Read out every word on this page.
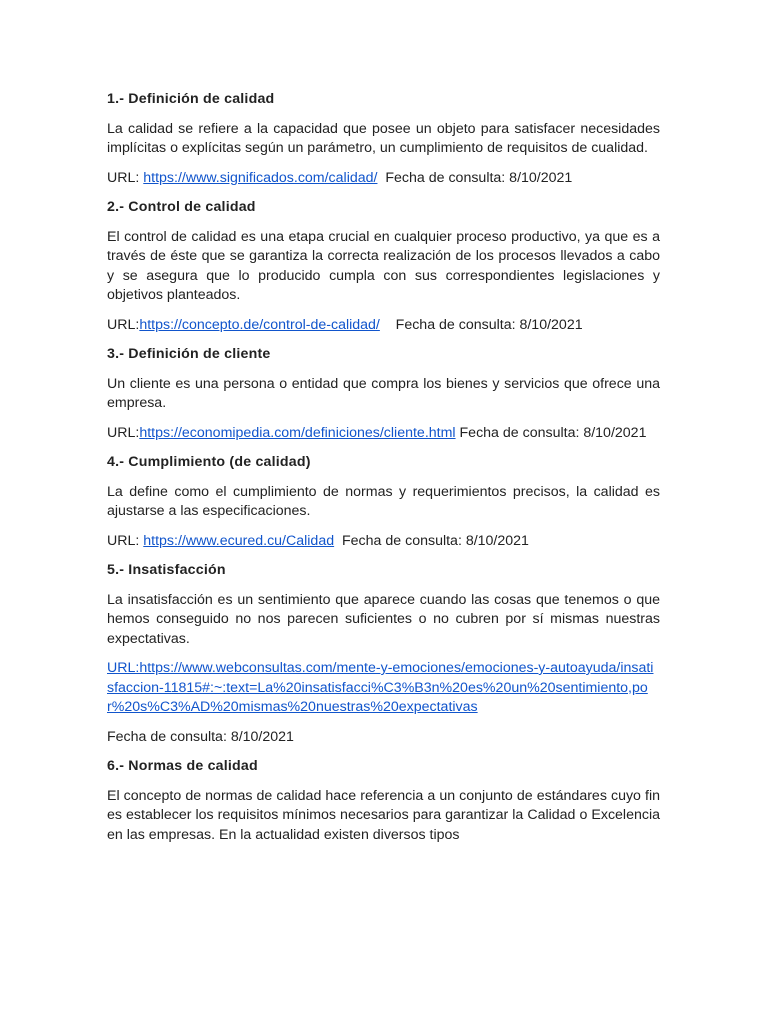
1.- Definición de calidad

La calidad se refiere a la capacidad que posee un objeto para satisfacer necesidades implícitas o explícitas según un parámetro, un cumplimiento de requisitos de cualidad.

URL: https://www.significados.com/calidad/ Fecha de consulta: 8/10/2021

2.- Control de calidad

El control de calidad es una etapa crucial en cualquier proceso productivo, ya que es a través de éste que se garantiza la correcta realización de los procesos llevados a cabo y se asegura que lo producido cumpla con sus correspondientes legislaciones y objetivos planteados.

URL:https://concepto.de/control-de-calidad/ Fecha de consulta: 8/10/2021

3.- Definición de cliente

Un cliente es una persona o entidad que compra los bienes y servicios que ofrece una empresa.

URL:https://economipedia.com/definiciones/cliente.html Fecha de consulta: 8/10/2021

4.- Cumplimiento (de calidad)

La define como el cumplimiento de normas y requerimientos precisos, la calidad es ajustarse a las especificaciones.

URL: https://www.ecured.cu/Calidad Fecha de consulta: 8/10/2021

5.- Insatisfacción

La insatisfacción es un sentimiento que aparece cuando las cosas que tenemos o que hemos conseguido no nos parecen suficientes o no cubren por sí mismas nuestras expectativas.

URL:https://www.webconsultas.com/mente-y-emociones/emociones-y-autoayuda/insatisfaccion-11815#:~:text=La%20insatisfacci%C3%B3n%20es%20un%20sentimiento,por%20s%C3%AD%20mismas%20nuestras%20expectativas

Fecha de consulta: 8/10/2021

6.- Normas de calidad

El concepto de normas de calidad hace referencia a un conjunto de estándares cuyo fin es establecer los requisitos mínimos necesarios para garantizar la Calidad o Excelencia en las empresas. En la actualidad existen diversos tipos
